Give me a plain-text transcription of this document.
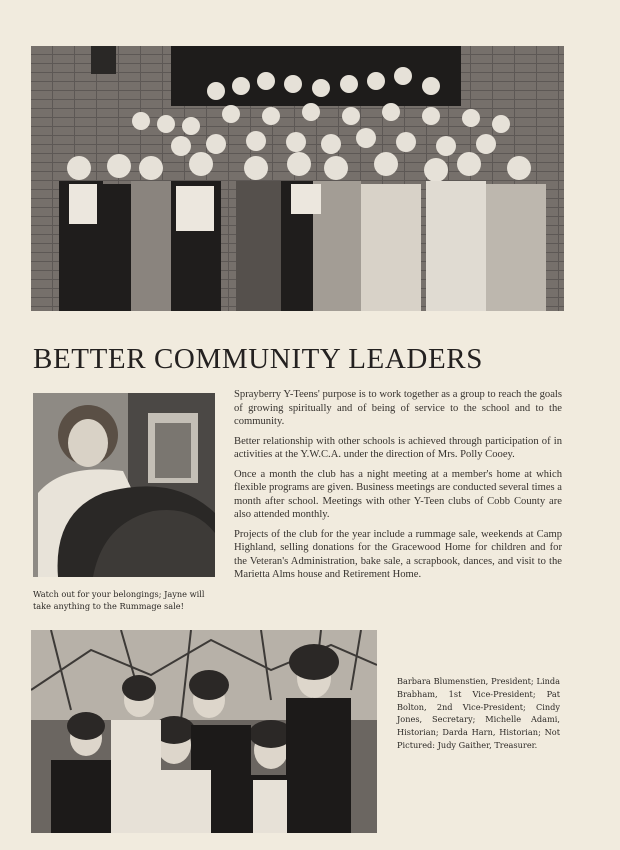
BETTER COMMUNITY LEADERS
Watch out for your belongings; Jayne will take anything to the Rummage sale!

Sprayberry Y-Teens' purpose is to work together as a group to reach the goals of growing spiritually and of being of service to the school and to the community.

Better relationship with other schools is achieved through participation of in activities at the Y.W.C.A. under the direction of Mrs. Polly Cooey.

Once a month the club has a night meeting at a member's home at which flexible programs are given. Business meetings are conducted several times a month after school. Meetings with other Y-Teen clubs of Cobb County are also attended monthly.

Projects of the club for the year include a rummage sale, weekends at Camp Highland, selling donations for the Gracewood Home for children and for the Veteran's Administration, bake sale, a scrapbook, dances, and visit to the Marietta Alms house and Retirement Home.

Barbara Blumenstien, President; Linda Brabham, 1st Vice-President; Pat Bolton, 2nd Vice-President; Cindy Jones, Secretary; Michelle Adami, Historian; Darda Harn, Historian; Not Pictured: Judy Gaither, Treasurer.
